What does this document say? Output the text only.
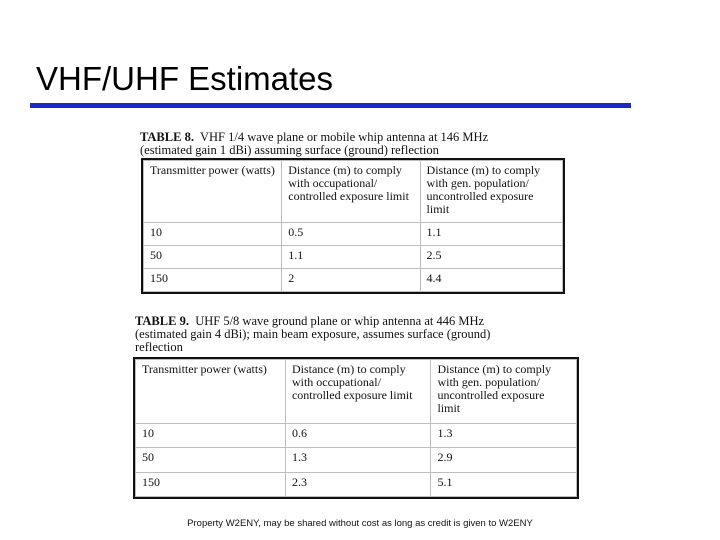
VHF/UHF Estimates
TABLE 8. VHF 1/4 wave plane or mobile whip antenna at 146 MHz
(estimated gain 1 dBi) assuming surface (ground) reflection
Transmitter power (watts)	Distance (m) to comply with occupational/ controlled exposure limit	Distance (m) to comply with gen. population/ uncontrolled exposure limit
10	0.5	1.1
50	1.1	2.5
150	2	4.4
TABLE 9. UHF 5/8 wave ground plane or whip antenna at 446 MHz
(estimated gain 4 dBi); main beam exposure, assumes surface (ground)
reflection
Transmitter power (watts)	Distance (m) to comply with occupational/ controlled exposure limit	Distance (m) to comply with gen. population/ uncontrolled exposure limit
10	0.6	1.3
50	1.3	2.9
150	2.3	5.1
Property W2ENY, may be shared without cost as long as credit is given to W2ENY
